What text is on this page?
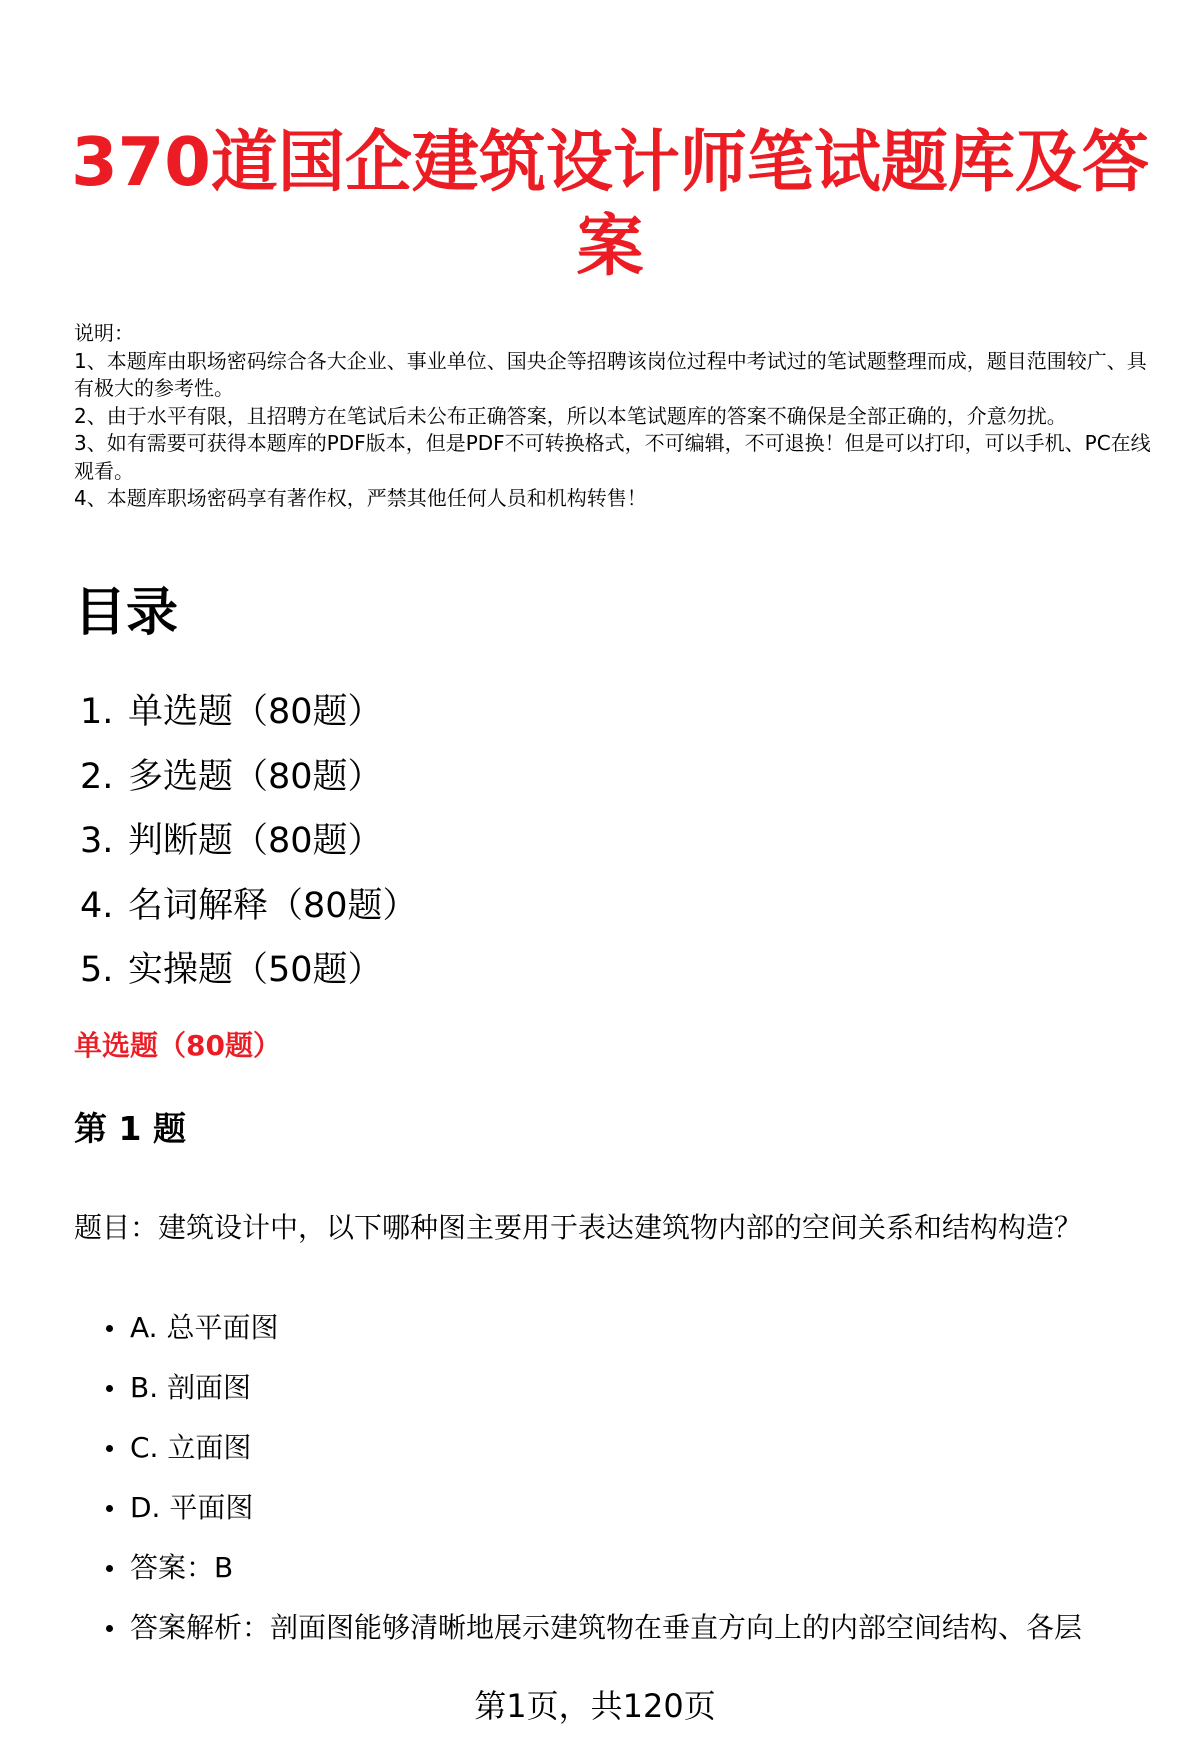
370道国企建筑设计师笔试题库及答案

说明：

1、本题库由职场密码综合各大企业、事业单位、国央企等招聘该岗位过程中考试过的笔试题整理而成，题目范围较广、具有极大的参考性。

2、由于水平有限，且招聘方在笔试后未公布正确答案，所以本笔试题库的答案不确保是全部正确的，介意勿扰。

3、如有需要可获得本题库的PDF版本，但是PDF不可转换格式，不可编辑，不可退换！但是可以打印，可以手机、PC在线观看。

4、本题库职场密码享有著作权，严禁其他任何人员和机构转售！

目录
1. 单选题（80题）
2. 多选题（80题）
3. 判断题（80题）
4. 名词解释（80题）
5. 实操题（50题）
单选题（80题）
第 1 题

题目：建筑设计中，以下哪种图主要用于表达建筑物内部的空间关系和结构构造？

A. 总平面图
B. 剖面图
C. 立面图
D. 平面图
答案：B
答案解析：剖面图能够清晰地展示建筑物在垂直方向上的内部空间结构、各层

第1页，共120页
